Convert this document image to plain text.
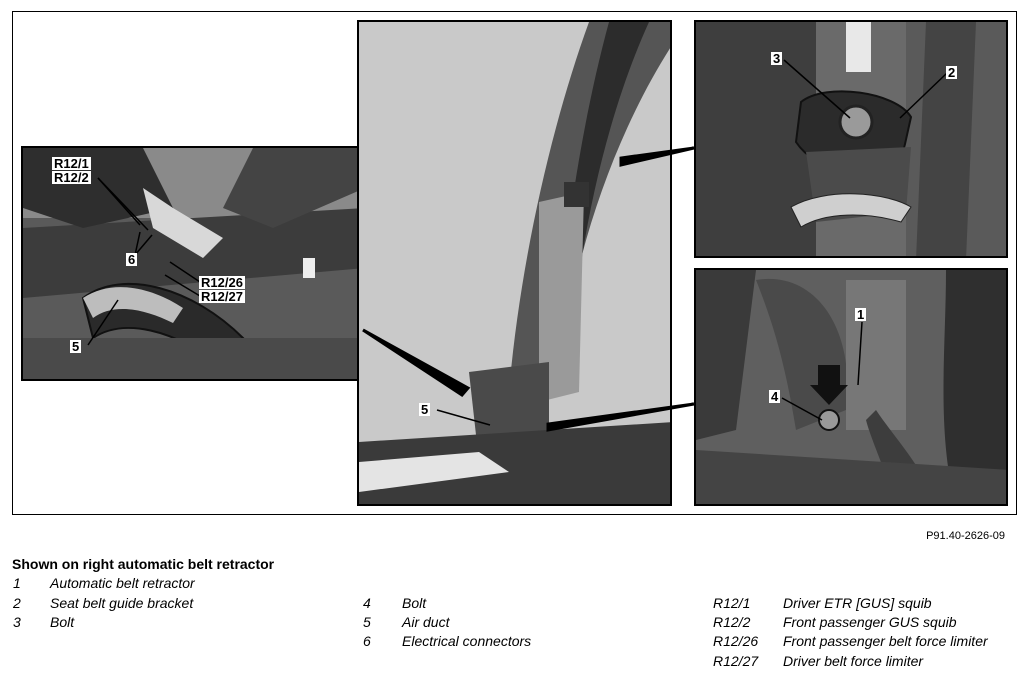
R12/1
R12/2
6
R12/26
R12/27
5
5
3
2
1
4
P91.40-2626-09
Shown on right automatic belt retractor
1 Automatic belt retractor
2 Seat belt guide bracket
3 Bolt
4 Bolt
5 Air duct
6 Electrical connectors
R12/1 Driver ETR [GUS] squib
R12/2 Front passenger GUS squib
R12/26 Front passenger belt force limiter
R12/27 Driver belt force limiter
